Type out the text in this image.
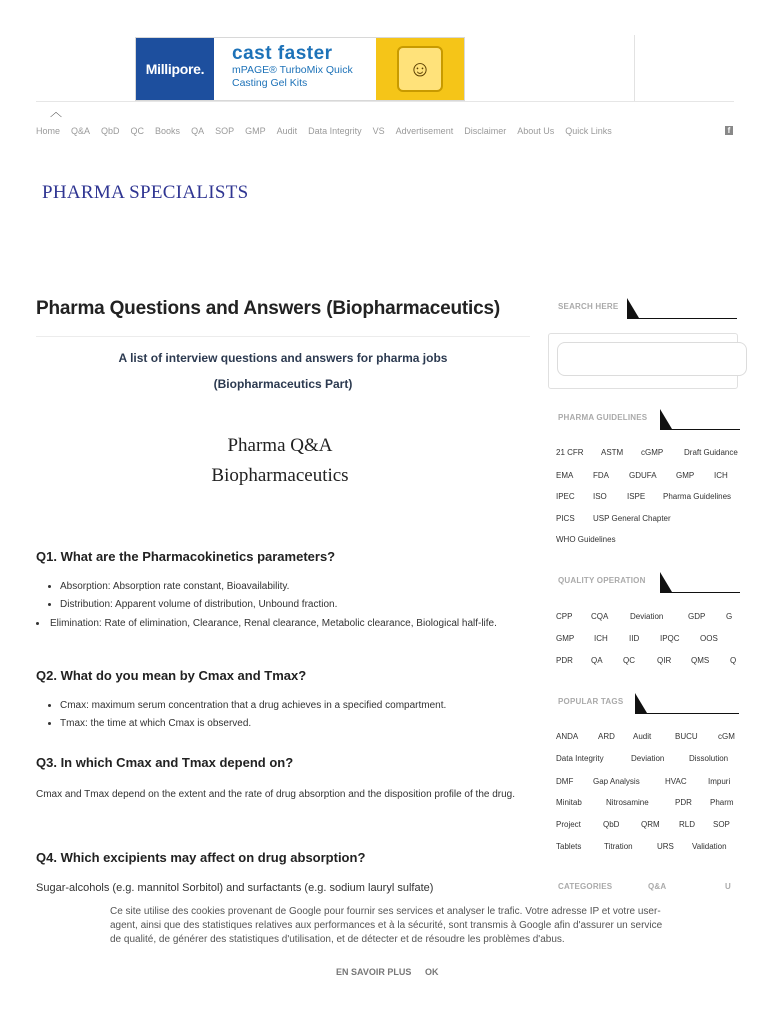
Millipore.
cast faster
mPAGE® TurboMix Quick
Casting Gel Kits
☺
︿
Home Q&A QbD QC Books QA SOP GMP Audit Data Integrity VS Advertisement Disclaimer About Us Quick Links	f
PHARMA SPECIALISTS
Pharma Questions and Answers (Biopharmaceutics)
A list of interview questions and answers for pharma jobs
(Biopharmaceutics Part)
Pharma Q&A
Biopharmaceutics
Q1. What are the Pharmacokinetics parameters?
• Absorption: Absorption rate constant, Bioavailability.
• Distribution: Apparent volume of distribution, Unbound fraction.
• Elimination: Rate of elimination, Clearance, Renal clearance, Metabolic clearance, Biological half-life.
Q2. What do you mean by Cmax and Tmax?
• Cmax: maximum serum concentration that a drug achieves in a specified compartment.
• Tmax: the time at which Cmax is observed.
Q3. In which Cmax and Tmax depend on?
Cmax and Tmax depend on the extent and the rate of drug absorption and the disposition profile of the drug.
Q4. Which excipients may affect on drug absorption?
Sugar-alcohols (e.g. mannitol Sorbitol) and surfactants (e.g. sodium lauryl sulfate)
SEARCH HERE
PHARMA GUIDELINES
21 CFR ASTM cGMP	Draft Guidance
EMA FDA	GDUFA GMP ICH
IPEC ISO	ISPE Pharma Guidelines
PICS USP General Chapter
WHO Guidelines
QUALITY OPERATION
CPP CQA	Deviation	GDP	G
GMP ICH	IID	IPQC	OOS
PDR QA	QC	QIR QMS	Q
POPULAR TAGS
ANDA ARD Audit	BUCU	cGM
Data Integrity	Deviation	Dissolution
DMF Gap Analysis	HVAC	Impuri
Minitab	Nitrosamine	PDR Pharm
Project	QbD	QRM RLD SOP
Tablets	Titration	URS Validation
CATEGORIES	Q&A	U
Ce site utilise des cookies provenant de Google pour fournir ses services et analyser le trafic. Votre adresse IP et votre user-agent, ainsi que des statistiques relatives aux performances et à la sécurité, sont transmis à Google afin d'assurer un service de qualité, de générer des statistiques d'utilisation, et de détecter et de résoudre les problèmes d'abus.
EN SAVOIR PLUS OK
